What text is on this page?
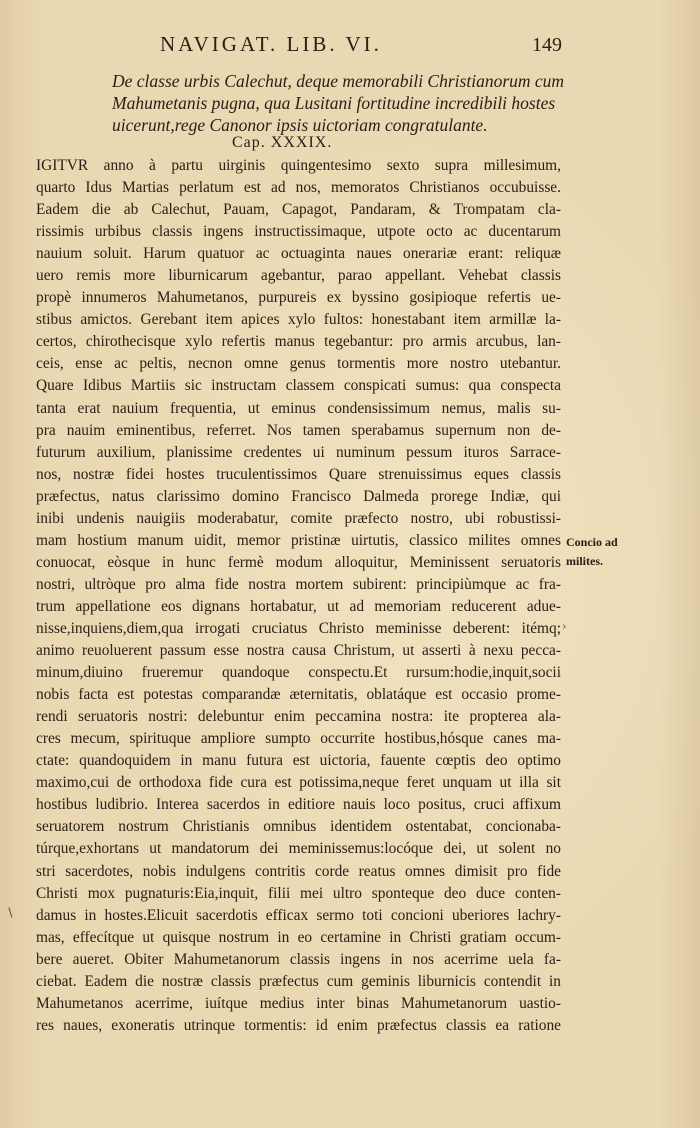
NAVIGAT. LIB. VI.	149
De classe urbis Calechut, deque memorabili Christianorum cum
Mahumetanis pugna, qua Lusitani fortitudine incredibili hostes
uicerunt,rege Canonor ipsis uictoriam congratulante.
Cap. XXXIX.
IGITVR anno à partu uirginis quingentesimo sexto supra millesimum,
quarto Idus Martias perlatum est ad nos, memoratos Christianos occubuisse.
Eadem die ab Calechut, Pauam, Capagot, Pandaram, & Trompatam cla-
rissimis urbibus classis ingens instructissimaque, utpote octo ac ducentarum
nauium soluit. Harum quatuor ac octuaginta naues onerariæ erant: reliquæ
uero remis more liburnicarum agebantur, parao appellant. Vehebat classis
propè innumeros Mahumetanos, purpureis ex byssino gosipioque refertis ue-
stibus amictos. Gerebant item apices xylo fultos: honestabant item armillæ la-
certos, chirothecisque xylo refertis manus tegebantur: pro armis arcubus, lan-
ceis, ense ac peltis, necnon omne genus tormentis more nostro utebantur.
Quare Idibus Martiis sic instructam classem conspicati sumus: qua conspecta
tanta erat nauium frequentia, ut eminus condensissimum nemus, malis su-
pra nauim eminentibus, referret. Nos tamen sperabamus supernum non de-
futurum auxilium, planissime credentes ui numinum pessum ituros Sarrace-
nos, nostræ fidei hostes truculentissimos Quare strenuissimus eques classis
præfectus, natus clarissimo domino Francisco Dalmeda prorege Indiæ, qui
inibi undenis nauigiis moderabatur, comite præfecto nostro, ubi robustissi-
mam hostium manum uidit, memor pristinæ uirtutis, classico milites omnes
conuocat, eòsque in hunc fermè modum alloquitur, Meminissent seruatoris
nostri, ultròque pro alma fide nostra mortem subirent: principiùmque ac fra-
trum appellatione eos dignans hortabatur, ut ad memoriam reducerent adue-
nisse,inquiens,diem,qua irrogati cruciatus Christo meminisse deberent: itémq;
animo reuoluerent passum esse nostra causa Christum, ut asserti à nexu pecca-
minum,diuino frueremur quandoque conspectu.Et rursum:hodie,inquit,socii
nobis facta est potestas comparandæ æternitatis, oblatáque est occasio prome-
rendi seruatoris nostri: delebuntur enim peccamina nostra: ite propterea ala-
cres mecum, spirituque ampliore sumpto occurrite hostibus,hósque canes ma-
ctate: quandoquidem in manu futura est uictoria, fauente cœptis deo optimo
maximo,cui de orthodoxa fide cura est potissima,neque feret unquam ut illa sit
hostibus ludibrio. Interea sacerdos in editiore nauis loco positus, cruci affixum
seruatorem nostrum Christianis omnibus identidem ostentabat, concionaba-
túrque,exhortans ut mandatorum dei meminissemus:locóque dei, ut solent no
stri sacerdotes, nobis indulgens contritis corde reatus omnes dimisit pro fide
Christi mox pugnaturis:Eia,inquit, filii mei ultro sponteque deo duce conten-
damus in hostes.Elicuit sacerdotis efficax sermo toti concioni uberiores lachry-
mas, effecítque ut quisque nostrum in eo certamine in Christi gratiam occum-
bere aueret. Obiter Mahumetanorum classis ingens in nos acerrime uela fa-
ciebat. Eadem die nostræ classis præfectus cum geminis liburnicis contendit in
Mahumetanos acerrime, iuítque medius inter binas Mahumetanorum uastio-
res naues, exoneratis utrinque tormentis: id enim præfectus classis ea ratione
Concio ad
milites.
∖
›
